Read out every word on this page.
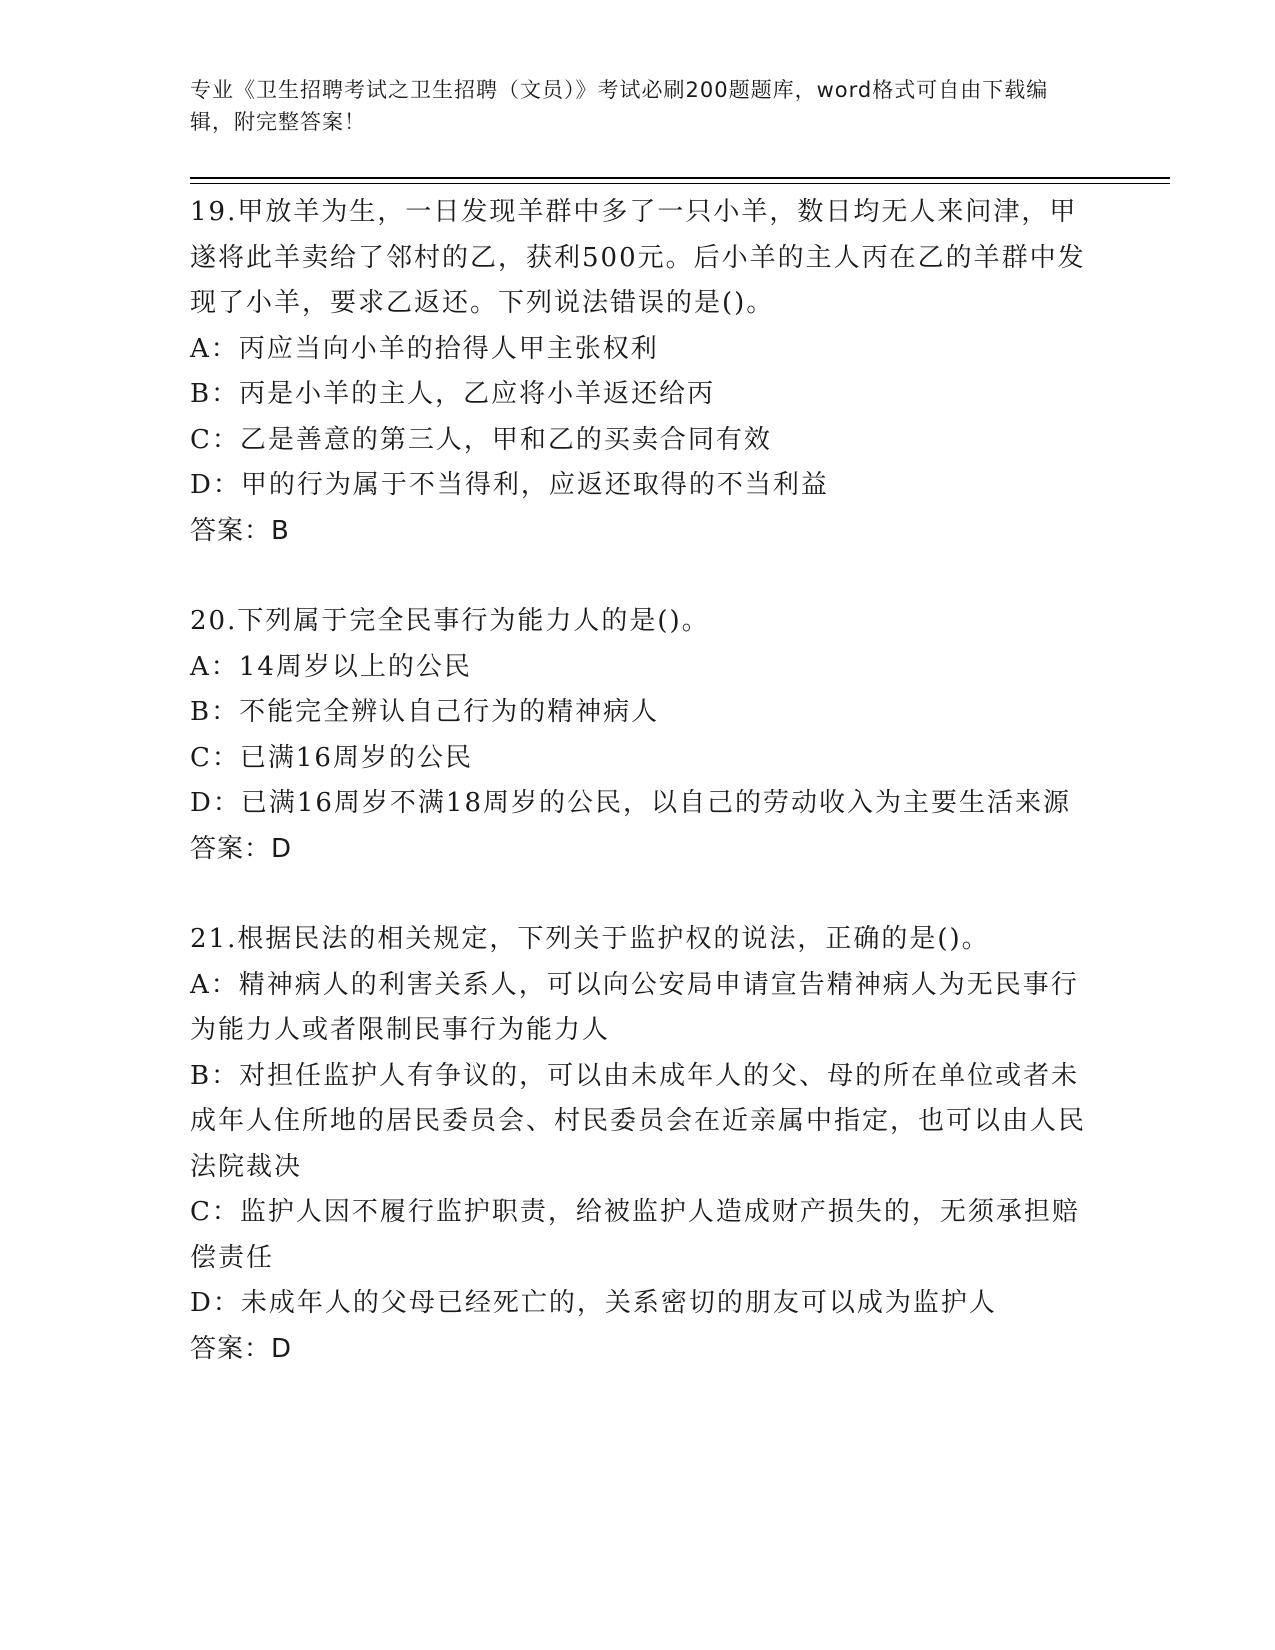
专业《卫生招聘考试之卫生招聘（文员）》考试必刷200题题库，word格式可自由下载编辑，附完整答案！

19.甲放羊为生，一日发现羊群中多了一只小羊，数日均无人来问津，甲遂将此羊卖给了邻村的乙，获利500元。后小羊的主人丙在乙的羊群中发现了小羊，要求乙返还。下列说法错误的是()。

A：丙应当向小羊的拾得人甲主张权利

B：丙是小羊的主人，乙应将小羊返还给丙

C：乙是善意的第三人，甲和乙的买卖合同有效

D：甲的行为属于不当得利，应返还取得的不当利益

答案：B

20.下列属于完全民事行为能力人的是()。

A：14周岁以上的公民

B：不能完全辨认自己行为的精神病人

C：已满16周岁的公民

D：已满16周岁不满18周岁的公民，以自己的劳动收入为主要生活来源

答案：D

21.根据民法的相关规定，下列关于监护权的说法，正确的是()。

A：精神病人的利害关系人，可以向公安局申请宣告精神病人为无民事行为能力人或者限制民事行为能力人

B：对担任监护人有争议的，可以由未成年人的父、母的所在单位或者未成年人住所地的居民委员会、村民委员会在近亲属中指定，也可以由人民法院裁决

C：监护人因不履行监护职责，给被监护人造成财产损失的，无须承担赔偿责任

D：未成年人的父母已经死亡的，关系密切的朋友可以成为监护人

答案：D
